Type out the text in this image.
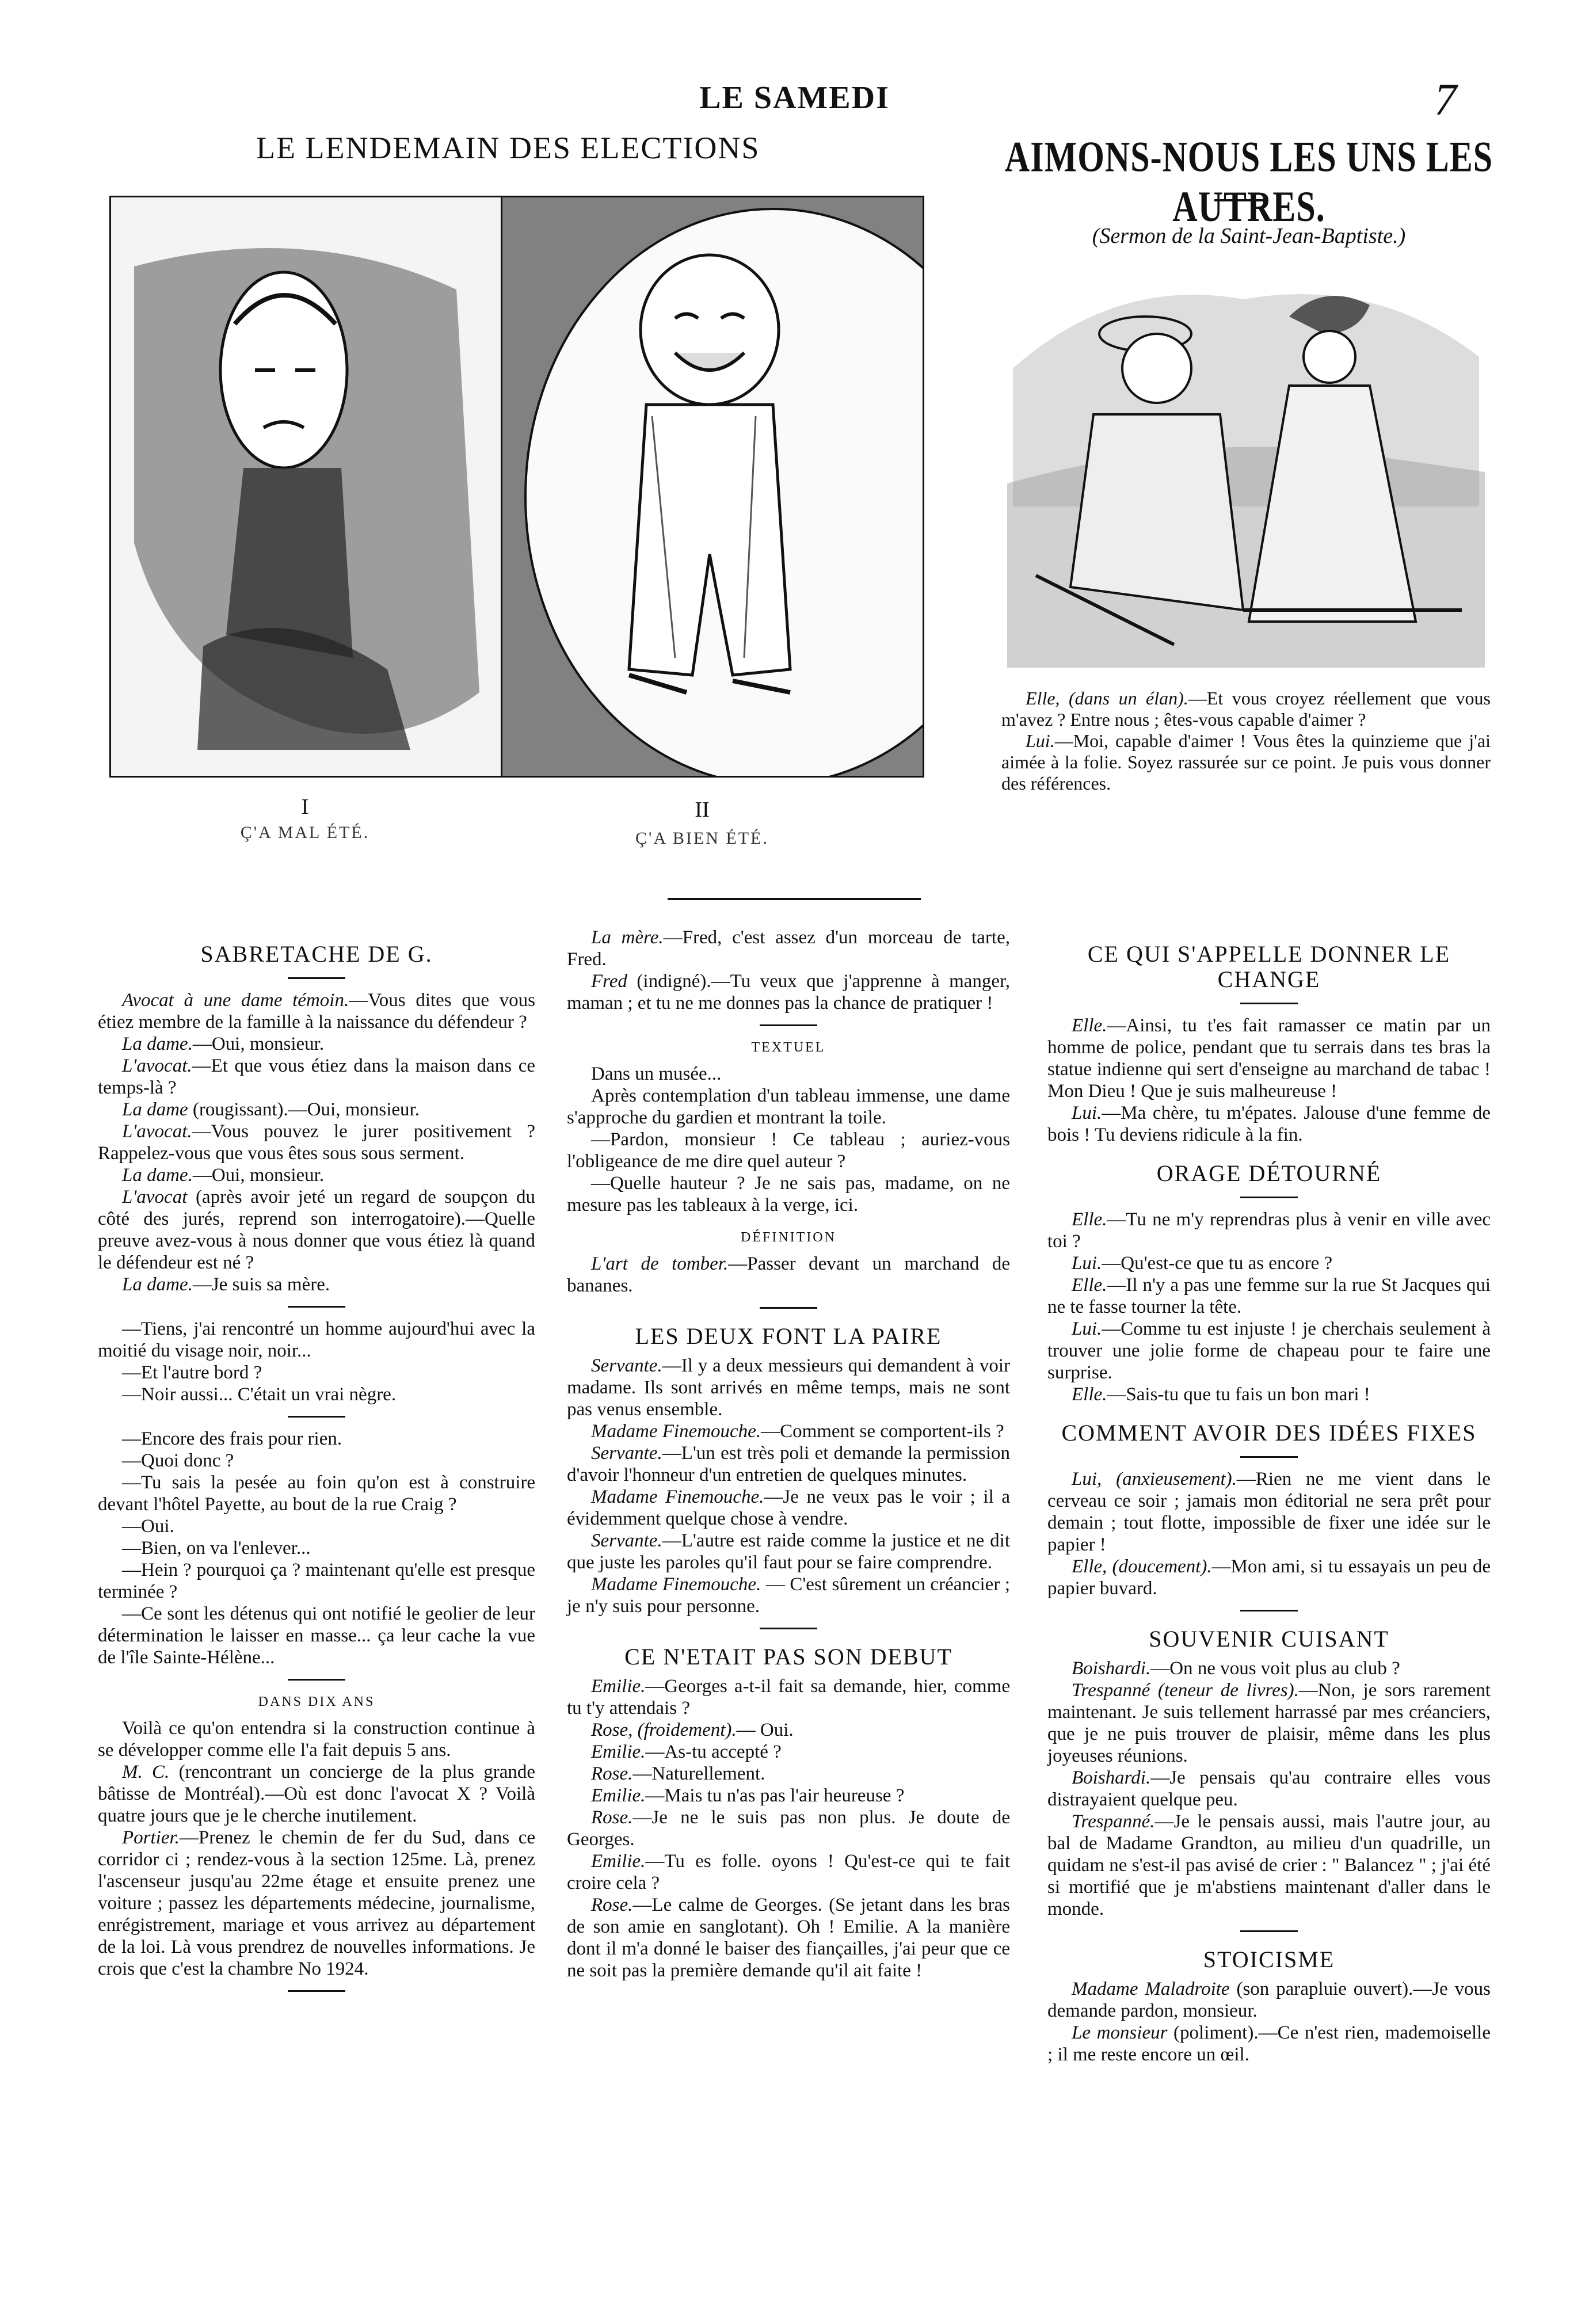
LE SAMEDI	7
LE LENDEMAIN DES ELECTIONS
I
Ç'A MAL ÉTÉ.
II
Ç'A BIEN ÉTÉ.
AIMONS-NOUS LES UNS LES AUTRES.
(Sermon de la Saint-Jean-Baptiste.)

Elle, (dans un élan).—Et vous croyez réellement que vous m'avez ? Entre nous ; êtes-vous capable d'aimer ?

Lui.—Moi, capable d'aimer ! Vous êtes la quinzieme que j'ai aimée à la folie. Soyez rassurée sur ce point. Je puis vous donner des références.

SABRETACHE DE G.

Avocat à une dame témoin.—Vous dites que vous étiez membre de la famille à la naissance du défendeur ?

La dame.—Oui, monsieur.

L'avocat.—Et que vous étiez dans la maison dans ce temps-là ?

La dame (rougissant).—Oui, monsieur.

L'avocat.—Vous pouvez le jurer positivement ? Rappelez-vous que vous êtes sous sous serment.

La dame.—Oui, monsieur.

L'avocat (après avoir jeté un regard de soupçon du côté des jurés, reprend son interrogatoire).—Quelle preuve avez-vous à nous donner que vous étiez là quand le défendeur est né ?

La dame.—Je suis sa mère.

—Tiens, j'ai rencontré un homme aujourd'hui avec la moitié du visage noir, noir...

—Et l'autre bord ?

—Noir aussi... C'était un vrai nègre.

—Encore des frais pour rien.

—Quoi donc ?

—Tu sais la pesée au foin qu'on est à construire devant l'hôtel Payette, au bout de la rue Craig ?

—Oui.

—Bien, on va l'enlever...

—Hein ? pourquoi ça ? maintenant qu'elle est presque terminée ?

—Ce sont les détenus qui ont notifié le geolier de leur détermination le laisser en masse... ça leur cache la vue de l'île Sainte-Hélène...

DANS DIX ANS

Voilà ce qu'on entendra si la construction continue à se développer comme elle l'a fait depuis 5 ans.

M. C. (rencontrant un concierge de la plus grande bâtisse de Montréal).—Où est donc l'avocat X ? Voilà quatre jours que je le cherche inutilement.

Portier.—Prenez le chemin de fer du Sud, dans ce corridor ci ; rendez-vous à la section 125me. Là, prenez l'ascenseur jusqu'au 22me étage et ensuite prenez une voiture ; passez les départements médecine, journalisme, enrégistrement, mariage et vous arrivez au département de la loi. Là vous prendrez de nouvelles informations. Je crois que c'est la chambre No 1924.

La mère.—Fred, c'est assez d'un morceau de tarte, Fred.

Fred (indigné).—Tu veux que j'apprenne à manger, maman ; et tu ne me donnes pas la chance de pratiquer !

TEXTUEL

Dans un musée...

Après contemplation d'un tableau immense, une dame s'approche du gardien et montrant la toile.

—Pardon, monsieur ! Ce tableau ; auriez-vous l'obligeance de me dire quel auteur ?

—Quelle hauteur ? Je ne sais pas, madame, on ne mesure pas les tableaux à la verge, ici.

DÉFINITION

L'art de tomber.—Passer devant un marchand de bananes.

LES DEUX FONT LA PAIRE

Servante.—Il y a deux messieurs qui demandent à voir madame. Ils sont arrivés en même temps, mais ne sont pas venus ensemble.

Madame Finemouche.—Comment se comportent-ils ?

Servante.—L'un est très poli et demande la permission d'avoir l'honneur d'un entretien de quelques minutes.

Madame Finemouche.—Je ne veux pas le voir ; il a évidemment quelque chose à vendre.

Servante.—L'autre est raide comme la justice et ne dit que juste les paroles qu'il faut pour se faire comprendre.

Madame Finemouche. — C'est sûrement un créancier ; je n'y suis pour personne.

CE N'ETAIT PAS SON DEBUT

Emilie.—Georges a-t-il fait sa demande, hier, comme tu t'y attendais ?

Rose, (froidement).— Oui.

Emilie.—As-tu accepté ?

Rose.—Naturellement.

Emilie.—Mais tu n'as pas l'air heureuse ?

Rose.—Je ne le suis pas non plus. Je doute de Georges.

Emilie.—Tu es folle. oyons ! Qu'est-ce qui te fait croire cela ?

Rose.—Le calme de Georges. (Se jetant dans les bras de son amie en sanglotant). Oh ! Emilie. A la manière dont il m'a donné le baiser des fiançailles, j'ai peur que ce ne soit pas la première demande qu'il ait faite !

CE QUI S'APPELLE DONNER LE CHANGE

Elle.—Ainsi, tu t'es fait ramasser ce matin par un homme de police, pendant que tu serrais dans tes bras la statue indienne qui sert d'enseigne au marchand de tabac ! Mon Dieu ! Que je suis malheureuse !

Lui.—Ma chère, tu m'épates. Jalouse d'une femme de bois ! Tu deviens ridicule à la fin.

ORAGE DÉTOURNÉ

Elle.—Tu ne m'y reprendras plus à venir en ville avec toi ?

Lui.—Qu'est-ce que tu as encore ?

Elle.—Il n'y a pas une femme sur la rue St Jacques qui ne te fasse tourner la tête.

Lui.—Comme tu est injuste ! je cherchais seulement à trouver une jolie forme de chapeau pour te faire une surprise.

Elle.—Sais-tu que tu fais un bon mari !

COMMENT AVOIR DES IDÉES FIXES

Lui, (anxieusement).—Rien ne me vient dans le cerveau ce soir ; jamais mon éditorial ne sera prêt pour demain ; tout flotte, impossible de fixer une idée sur le papier !

Elle, (doucement).—Mon ami, si tu essayais un peu de papier buvard.

SOUVENIR CUISANT

Boishardi.—On ne vous voit plus au club ?

Trespanné (teneur de livres).—Non, je sors rarement maintenant. Je suis tellement harrassé par mes créanciers, que je ne puis trouver de plaisir, même dans les plus joyeuses réunions.

Boishardi.—Je pensais qu'au contraire elles vous distrayaient quelque peu.

Trespanné.—Je le pensais aussi, mais l'autre jour, au bal de Madame Grandton, au milieu d'un quadrille, un quidam ne s'est-il pas avisé de crier : " Balancez " ; j'ai été si mortifié que je m'abstiens maintenant d'aller dans le monde.

STOICISME

Madame Maladroite (son parapluie ouvert).—Je vous demande pardon, monsieur.

Le monsieur (poliment).—Ce n'est rien, mademoiselle ; il me reste encore un œil.
